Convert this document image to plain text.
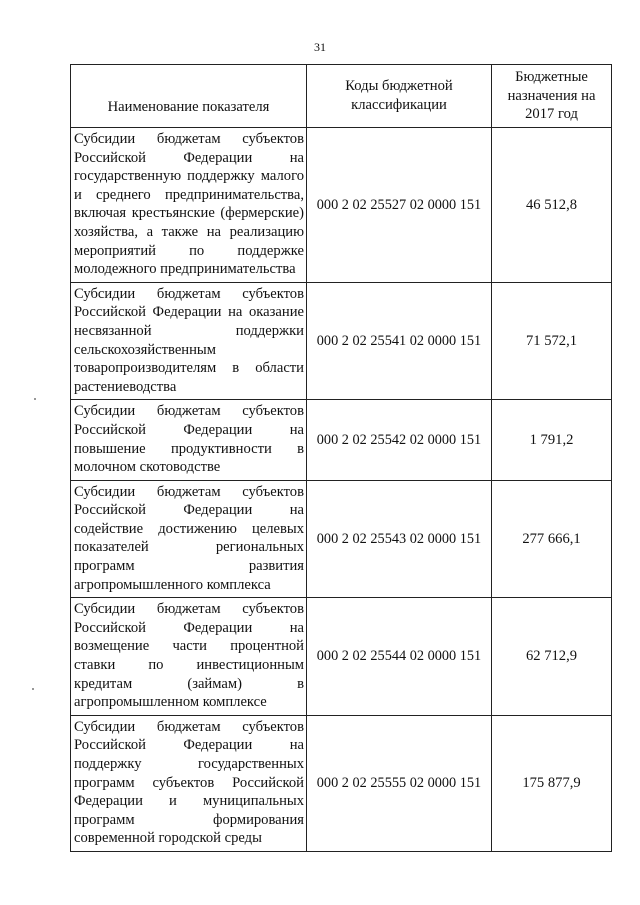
31
Наименование показателя	Коды бюджетной классификации	Бюджетные назначения на 2017 год
Субсидии бюджетам субъектов Российской Федерации на государственную поддержку малого и среднего предпринимательства, включая крестьянские (фермерские) хозяйства, а также на реализацию мероприятий по поддержке молодежного предпринимательства	000 2 02 25527 02 0000 151	46 512,8
Субсидии бюджетам субъектов Российской Федерации на оказание несвязанной поддержки сельскохозяйственным товаропроизводителям в области растениеводства	000 2 02 25541 02 0000 151	71 572,1
Субсидии бюджетам субъектов Российской Федерации на повышение продуктивности в молочном скотоводстве	000 2 02 25542 02 0000 151	1 791,2
Субсидии бюджетам субъектов Российской Федерации на содействие достижению целевых показателей региональных программ развития агропромышленного комплекса	000 2 02 25543 02 0000 151	277 666,1
Субсидии бюджетам субъектов Российской Федерации на возмещение части процентной ставки по инвестиционным кредитам (займам) в агропромышленном комплексе	000 2 02 25544 02 0000 151	62 712,9
Субсидии бюджетам субъектов Российской Федерации на поддержку государственных программ субъектов Российской Федерации и муниципальных программ формирования современной городской среды	000 2 02 25555 02 0000 151	175 877,9
